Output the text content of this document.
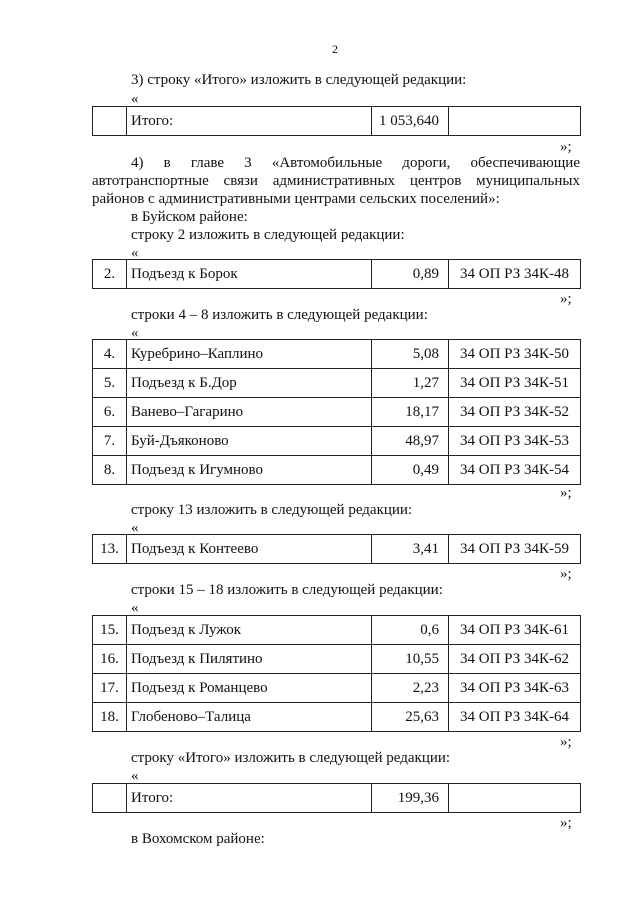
2
3) строку «Итого» изложить в следующей редакции:
«
	Итого:	1 053,640	
»;
4) в главе 3 «Автомобильные дороги, обеспечивающие
автотранспортные связи административных центров муниципальных
районов с административными центрами сельских поселений»:
в Буйском районе:
строку 2 изложить в следующей редакции:
«
2.	Подъезд к Борок	0,89	34 ОП РЗ 34К-48
»;
строки 4 – 8 изложить в следующей редакции:
«
4.	Куребрино–Каплино	5,08	34 ОП РЗ 34К-50
5.	Подъезд к Б.Дор	1,27	34 ОП РЗ 34К-51
6.	Ванево–Гагарино	18,17	34 ОП РЗ 34К-52
7.	Буй-Дъяконово	48,97	34 ОП РЗ 34К-53
8.	Подъезд к Игумново	0,49	34 ОП РЗ 34К-54
»;
строку 13 изложить в следующей редакции:
«
13.	Подъезд к Контеево	3,41	34 ОП РЗ 34К-59
»;
строки 15 – 18 изложить в следующей редакции:
«
15.	Подъезд к Лужок	0,6	34 ОП РЗ 34К-61
16.	Подъезд к Пилятино	10,55	34 ОП РЗ 34К-62
17.	Подъезд к Романцево	2,23	34 ОП РЗ 34К-63
18.	Глобеново–Талица	25,63	34 ОП РЗ 34К-64
»;
строку «Итого» изложить в следующей редакции:
«
	Итого:	199,36	
»;
в Вохомском районе:
